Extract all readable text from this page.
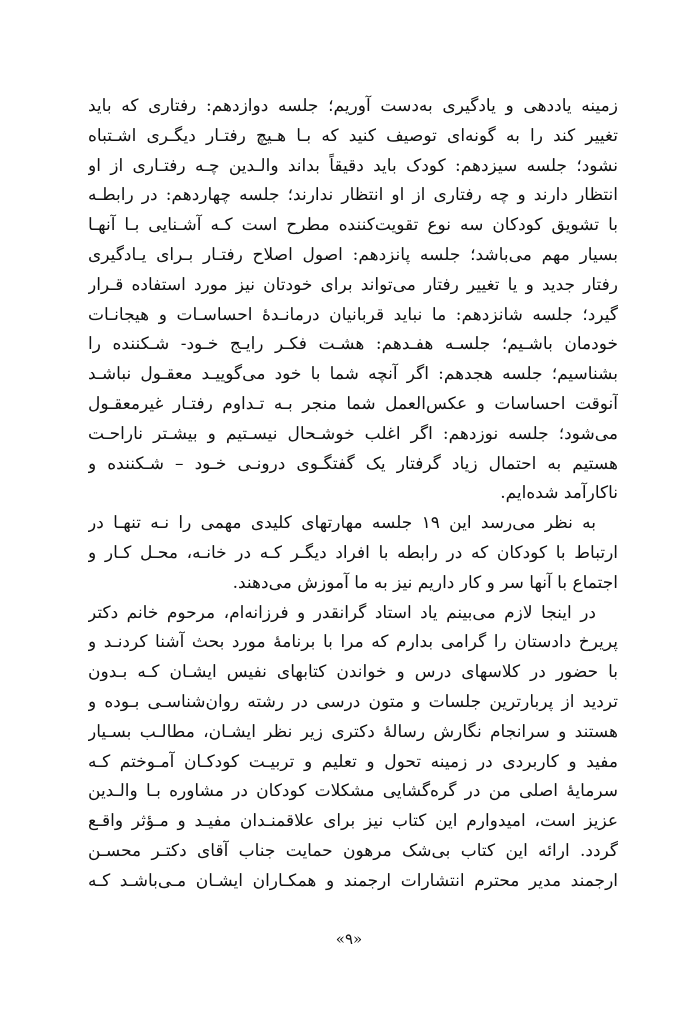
زمینه یاددهی و یادگیری به‌دست آوریم؛ جلسه دوازدهم: رفتاری که باید
تغییر کند را به گونه‌ای توصیف کنید که بـا هـیچ رفتـار دیگـری اشـتباه
نشود؛ جلسه سیزدهم: کودک باید دقیقاً بداند والـدین چـه رفتـاری از او
انتظار دارند و چه رفتاری از او انتظار ندارند؛ جلسه چهاردهم: در رابطـه
با تشویق کودکان سه نوع تقویت‌کننده مطرح است کـه آشـنایی بـا آنهـا
بسیار مهم می‌باشد؛ جلسه پانزدهم: اصول اصلاح رفتـار بـرای یـادگیری
رفتار جدید و یا تغییر رفتار می‌تواند برای خودتان نیز مورد استفاده قـرار
گیرد؛ جلسه شانزدهم: ما نباید قربانیان درمانـدهٔ احساسـات و هیجانـات
خودمان باشـیم؛ جلسـه هفـدهم: هشـت فکـر رایـج خـود- شـکننده را
بشناسیم؛ جلسه هجدهم: اگر آنچه شما با خود می‌گوییـد معقـول نباشـد
آنوقت احساسات و عکس‌العمل شما منجر بـه تـداوم رفتـار غیرمعقـول
می‌شود؛ جلسه نوزدهم: اگر اغلب خوشـحال نیسـتیم و بیشـتر ناراحـت
هستیم به احتمال زیاد گرفتار یک گفتگـوی درونـی خـود – شـکننده و
ناکارآمد شده‌ایم.
به نظر می‌رسد این ۱۹ جلسه مهارتهای کلیدی مهمی را نـه تنهـا در
ارتباط با کودکان که در رابطه با افراد دیگـر کـه در خانـه، محـل کـار و
اجتماع با آنها سر و کار داریم نیز به ما آموزش می‌دهند.
در اینجا لازم می‌بینم یاد استاد گرانقدر و فرزانه‌ام، مرحوم خانم دکتر
پریرخ دادستان را گرامی بدارم که مرا با برنامهٔ مورد بحث آشنا کردنـد و
با حضور در کلاسهای درس و خواندن کتابهای نفیس ایشـان کـه بـدون
تردید از پربارترین جلسات و متون درسی در رشته روان‌شناسـی بـوده و
هستند و سرانجام نگارش رسالهٔ دکتری زیر نظر ایشـان، مطالـب بسـیار
مفید و کاربردی در زمینه تحول و تعلیم و تربیـت کودکـان آمـوختم کـه
سرمایهٔ اصلی من در گره‌گشایی مشکلات کودکان در مشاوره بـا والـدین
عزیز است، امیدوارم این کتاب نیز برای علاقمنـدان مفیـد و مـؤثر واقـع
گردد. ارائه این کتاب بی‌شک مرهون حمایت جناب آقای دکتـر محسـن
ارجمند مدیر محترم انتشارات ارجمند و همکـاران ایشـان مـی‌باشـد کـه
«۹»
